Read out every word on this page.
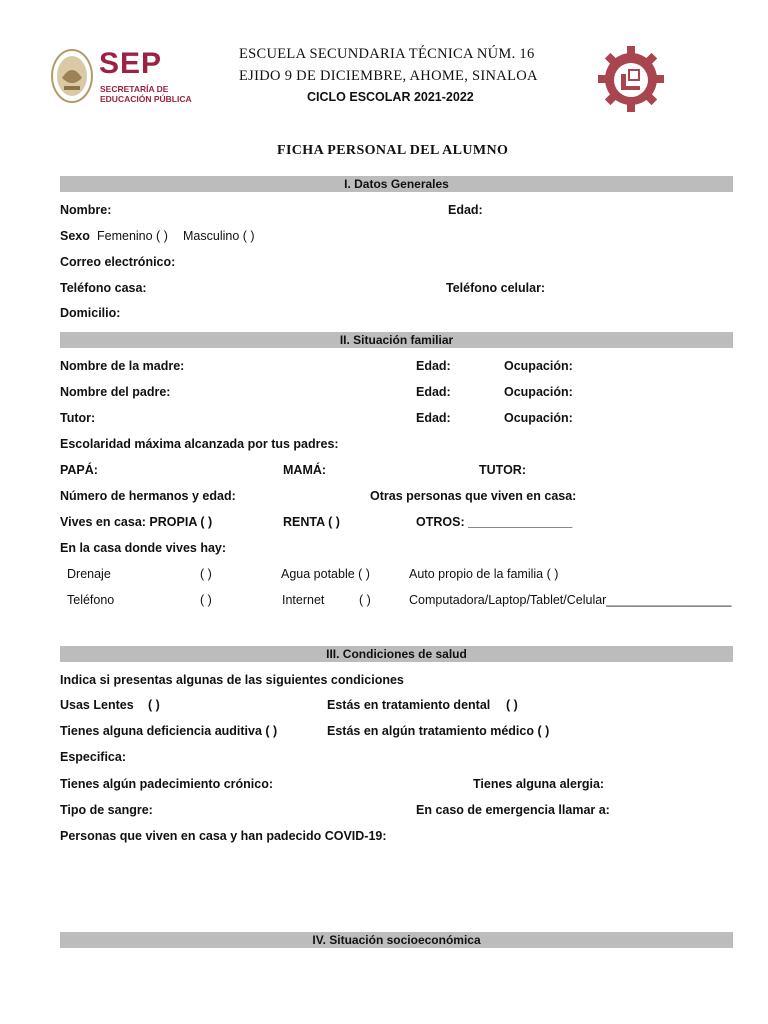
SEP
SECRETARÍA DE
EDUCACIÓN PÚBLICA
ESCUELA SECUNDARIA TÉCNICA NÚM. 16
EJIDO 9 DE DICIEMBRE, AHOME, SINALOA
CICLO ESCOLAR 2021-2022
FICHA PERSONAL DEL ALUMNO
I. Datos Generales
Nombre:	Edad:
Sexo Femenino ( ) Masculino ( )
Correo electrónico:
Teléfono casa:	Teléfono celular:
Domicilio:
II. Situación familiar
Nombre de la madre:	Edad:	Ocupación:
Nombre del padre:	Edad:	Ocupación:
Tutor:	Edad:	Ocupación:
Escolaridad máxima alcanzada por tus padres:
PAPÁ:	MAMÁ:	TUTOR:
Número de hermanos y edad:	Otras personas que viven en casa:
Vives en casa: PROPIA ( )	RENTA ( )	OTROS: _______________
En la casa donde vives hay:
Drenaje	( )	Agua potable ( )	Auto propio de la familia ( )
Teléfono	( )	Internet	( )	Computadora/Laptop/Tablet/Celular__________________
III. Condiciones de salud
Indica si presentas algunas de las siguientes condiciones
Usas Lentes ( )	Estás en tratamiento dental ( )
Tienes alguna deficiencia auditiva ( )	Estás en algún tratamiento médico ( )
Especifica:
Tienes algún padecimiento crónico:	Tienes alguna alergia:
Tipo de sangre:	En caso de emergencia llamar a:
Personas que viven en casa y han padecido COVID-19:
IV. Situación socioeconómica
